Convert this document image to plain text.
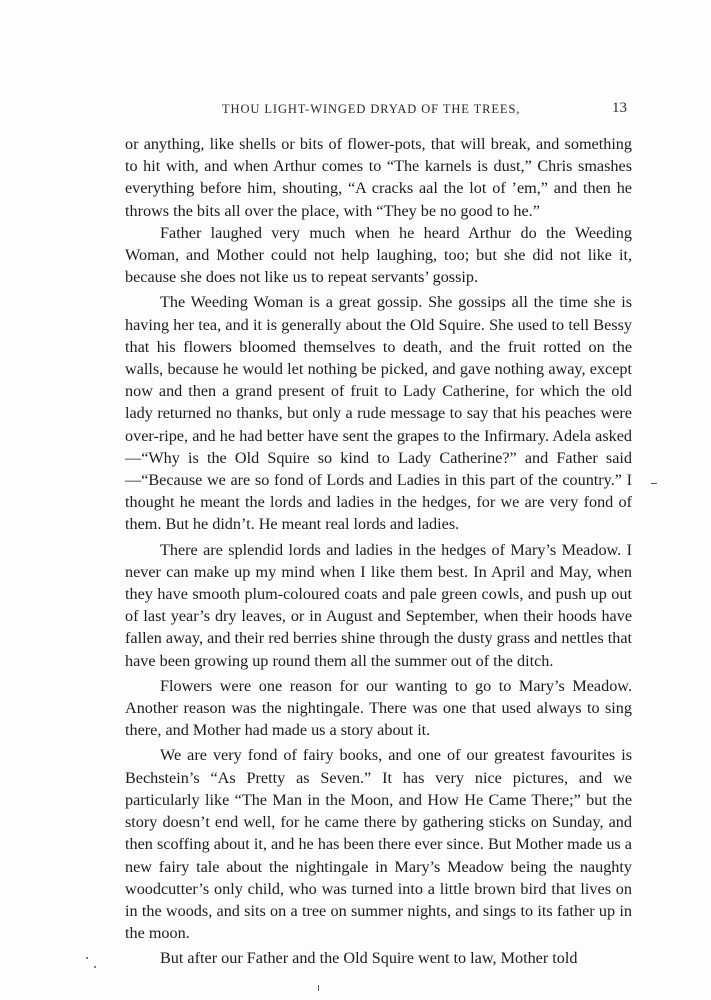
THOU LIGHT-WINGED DRYAD OF THE TREES,	13

or anything, like shells or bits of flower-pots, that will break, and something to hit with, and when Arthur comes to “The karnels is dust,” Chris smashes everything before him, shouting, “A cracks aal the lot of ’em,” and then he throws the bits all over the place, with “They be no good to he.”

Father laughed very much when he heard Arthur do the Weeding Woman, and Mother could not help laughing, too; but she did not like it, because she does not like us to repeat servants’ gossip.

The Weeding Woman is a great gossip. She gossips all the time she is having her tea, and it is generally about the Old Squire. She used to tell Bessy that his flowers bloomed themselves to death, and the fruit rotted on the walls, because he would let nothing be picked, and gave nothing away, except now and then a grand present of fruit to Lady Catherine, for which the old lady returned no thanks, but only a rude message to say that his peaches were over-ripe, and he had better have sent the grapes to the Infirmary. Adela asked—“Why is the Old Squire so kind to Lady Catherine?” and Father said—“Because we are so fond of Lords and Ladies in this part of the country.” I thought he meant the lords and ladies in the hedges, for we are very fond of them. But he didn’t. He meant real lords and ladies.

There are splendid lords and ladies in the hedges of Mary’s Meadow. I never can make up my mind when I like them best. In April and May, when they have smooth plum-coloured coats and pale green cowls, and push up out of last year’s dry leaves, or in August and September, when their hoods have fallen away, and their red berries shine through the dusty grass and nettles that have been growing up round them all the summer out of the ditch.

Flowers were one reason for our wanting to go to Mary’s Meadow. Another reason was the nightingale. There was one that used always to sing there, and Mother had made us a story about it.

We are very fond of fairy books, and one of our greatest favourites is Bechstein’s “As Pretty as Seven.” It has very nice pictures, and we particularly like “The Man in the Moon, and How He Came There;” but the story doesn’t end well, for he came there by gathering sticks on Sunday, and then scoffing about it, and he has been there ever since. But Mother made us a new fairy tale about the nightingale in Mary’s Meadow being the naughty woodcutter’s only child, who was turned into a little brown bird that lives on in the woods, and sits on a tree on summer nights, and sings to its father up in the moon.

But after our Father and the Old Squire went to law, Mother told
